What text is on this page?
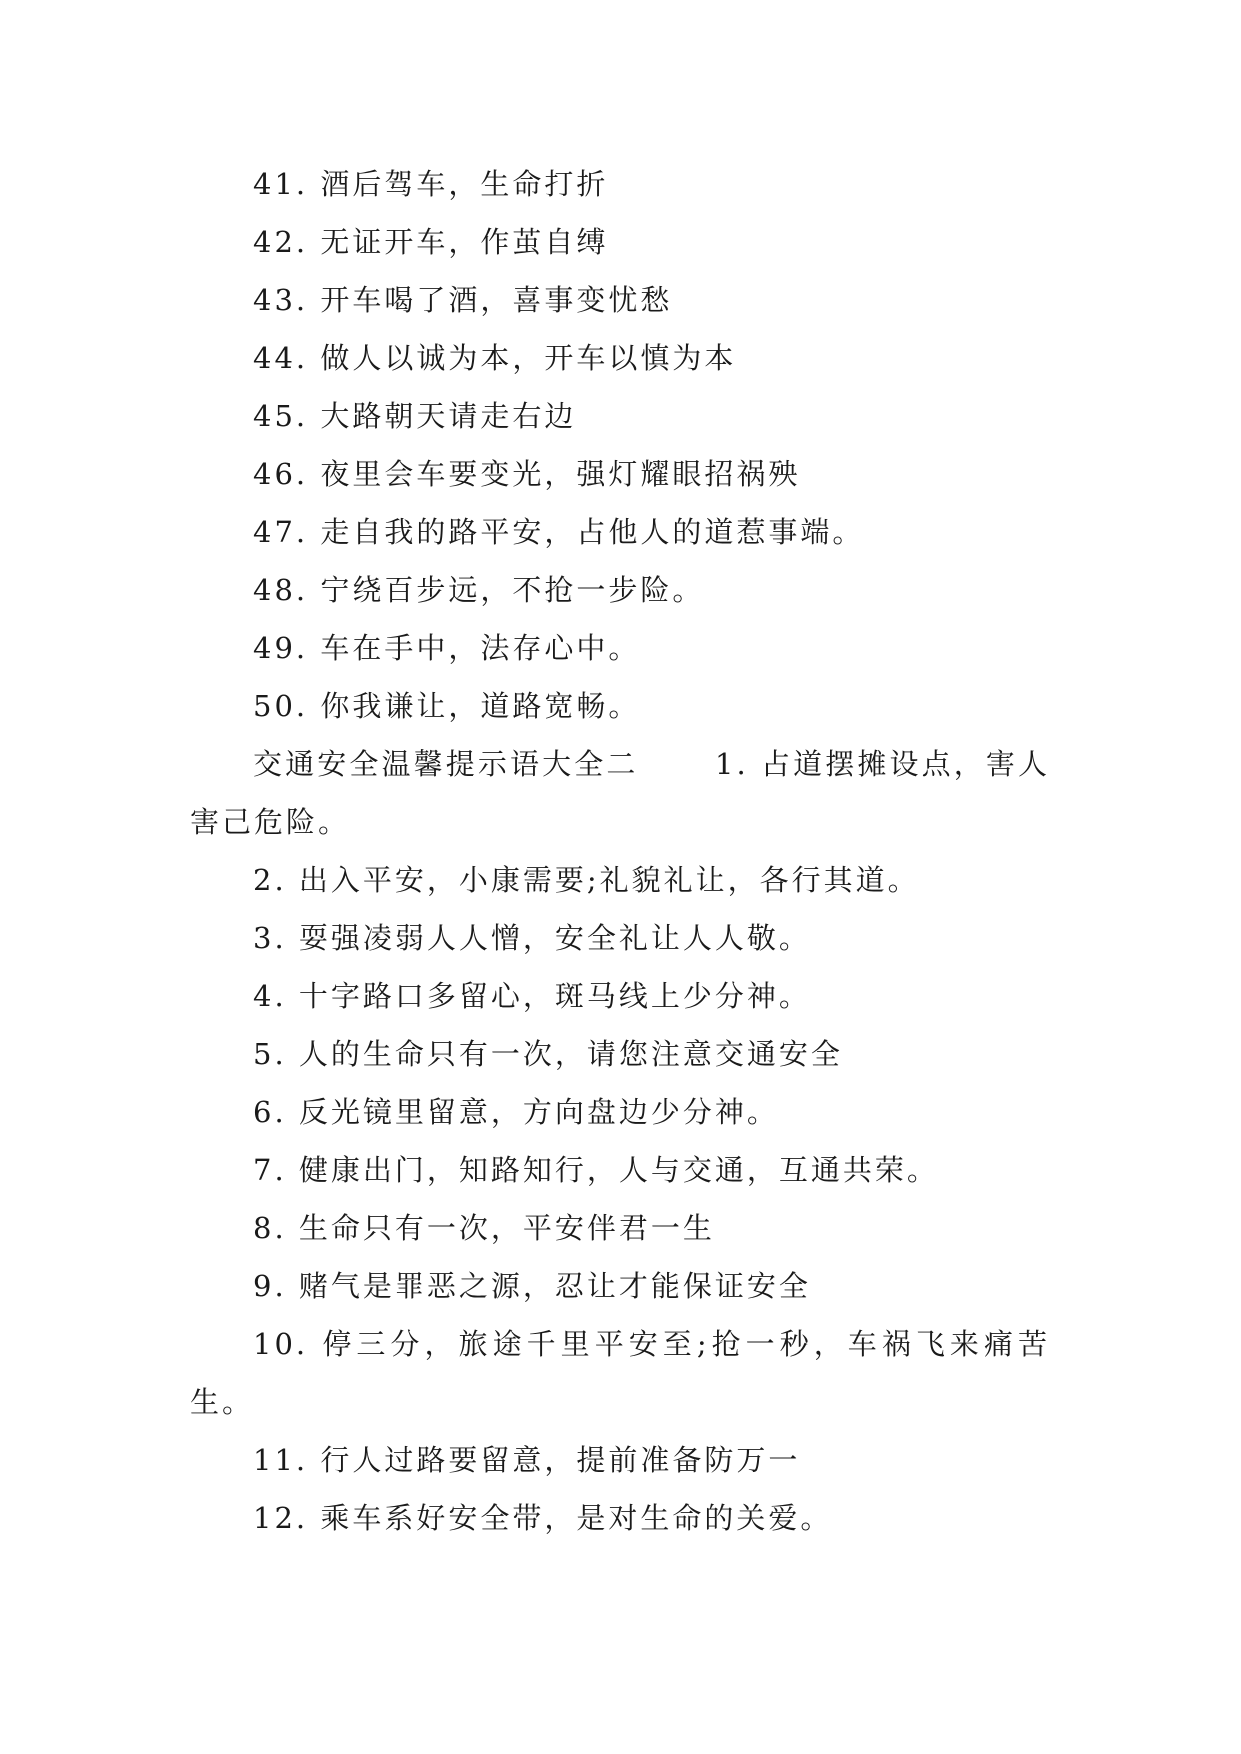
41. 酒后驾车，生命打折
42. 无证开车，作茧自缚
43. 开车喝了酒，喜事变忧愁
44. 做人以诚为本，开车以慎为本
45. 大路朝天请走右边
46. 夜里会车要变光，强灯耀眼招祸殃
47. 走自我的路平安，占他人的道惹事端。
48. 宁绕百步远，不抢一步险。
49. 车在手中，法存心中。
50. 你我谦让，道路宽畅。
交通安全温馨提示语大全二　　 1. 占道摆摊设点，害人害己危险。
2. 出入平安，小康需要;礼貌礼让，各行其道。
3. 耍强凌弱人人憎，安全礼让人人敬。
4. 十字路口多留心，斑马线上少分神。
5. 人的生命只有一次，请您注意交通安全
6. 反光镜里留意，方向盘边少分神。
7. 健康出门，知路知行，人与交通，互通共荣。
8. 生命只有一次，平安伴君一生
9. 赌气是罪恶之源，忍让才能保证安全
10. 停三分，旅途千里平安至;抢一秒，车祸飞来痛苦生。
11. 行人过路要留意，提前准备防万一
12. 乘车系好安全带，是对生命的关爱。
